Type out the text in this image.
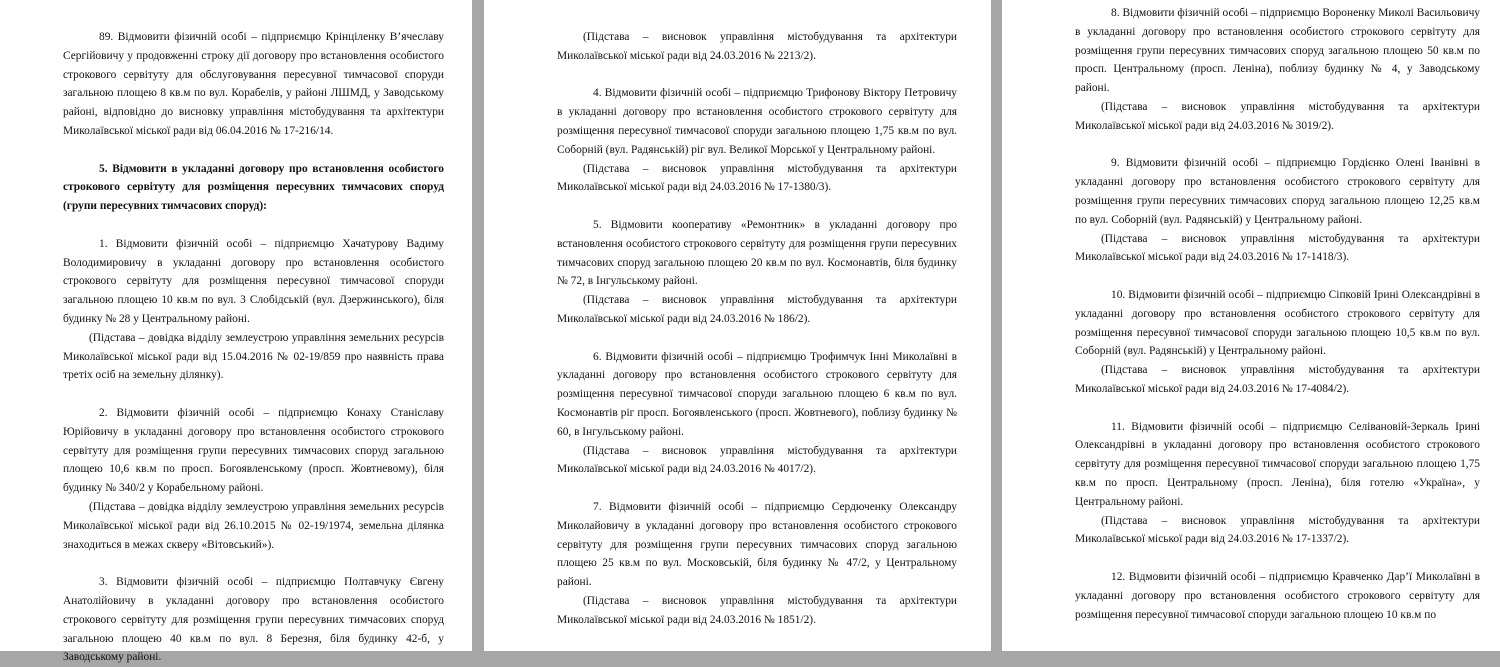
89. Відмовити фізичній особі – підприємцю Крінціленку В’ячеславу Сергійовичу у продовженні строку дії договору про встановлення особистого строкового сервітуту для обслуговування пересувної тимчасової споруди загальною площею 8 кв.м по вул. Корабелів, у районі ЛШМД, у Заводському районі, відповідно до висновку управління містобудування та архітектури Миколаївської міської ради від 06.04.2016 № 17-216/14.

5. Відмовити в укладанні договору про встановлення особистого строкового сервітуту для розміщення пересувних тимчасових споруд (групи пересувних тимчасових споруд):

1. Відмовити фізичній особі – підприємцю Хачатурову Вадиму Володимировичу в укладанні договору про встановлення особистого строкового сервітуту для розміщення пересувної тимчасової споруди загальною площею 10 кв.м по вул. 3 Слобідській (вул. Дзержинського), біля будинку № 28 у Центральному районі.

(Підстава – довідка відділу землеустрою управління земельних ресурсів Миколаївської міської ради від 15.04.2016 № 02-19/859 про наявність права третіх осіб на земельну ділянку).

2. Відмовити фізичній особі – підприємцю Конаху Станіславу Юрійовичу в укладанні договору про встановлення особистого строкового сервітуту для розміщення групи пересувних тимчасових споруд загальною площею 10,6 кв.м по просп. Богоявленському (просп. Жовтневому), біля будинку № 340/2 у Корабельному районі.

(Підстава – довідка відділу землеустрою управління земельних ресурсів Миколаївської міської ради від 26.10.2015 № 02-19/1974, земельна ділянка знаходиться в межах скверу «Вітовський»).

3. Відмовити фізичній особі – підприємцю Полтавчуку Євгену Анатолійовичу в укладанні договору про встановлення особистого строкового сервітуту для розміщення групи пересувних тимчасових споруд загальною площею 40 кв.м по вул. 8 Березня, біля будинку 42-б, у Заводському районі.

(Підстава – висновок управління містобудування та архітектури Миколаївської міської ради від 24.03.2016 № 2213/2).

4. Відмовити фізичній особі – підприємцю Трифонову Віктору Петровичу в укладанні договору про встановлення особистого строкового сервітуту для розміщення пересувної тимчасової споруди загальною площею 1,75 кв.м по вул. Соборній (вул. Радянській) ріг вул. Великої Морської у Центральному районі.

(Підстава – висновок управління містобудування та архітектури Миколаївської міської ради від 24.03.2016 № 17-1380/3).

5. Відмовити кооперативу «Ремонтник» в укладанні договору про встановлення особистого строкового сервітуту для розміщення групи пересувних тимчасових споруд загальною площею 20 кв.м по вул. Космонавтів, біля будинку № 72, в Інгульському районі.

(Підстава – висновок управління містобудування та архітектури Миколаївської міської ради від 24.03.2016 № 186/2).

6. Відмовити фізичній особі – підприємцю Трофимчук Інні Миколаївні в укладанні договору про встановлення особистого строкового сервітуту для розміщення пересувної тимчасової споруди загальною площею 6 кв.м по вул. Космонавтів ріг просп. Богоявленського (просп. Жовтневого), поблизу будинку № 60, в Інгульському районі.

(Підстава – висновок управління містобудування та архітектури Миколаївської міської ради від 24.03.2016 № 4017/2).

7. Відмовити фізичній особі – підприємцю Сердюченку Олександру Миколайовичу в укладанні договору про встановлення особистого строкового сервітуту для розміщення групи пересувних тимчасових споруд загальною площею 25 кв.м по вул. Московській, біля будинку № 47/2, у Центральному районі.

(Підстава – висновок управління містобудування та архітектури Миколаївської міської ради від 24.03.2016 № 1851/2).

8. Відмовити фізичній особі – підприємцю Вороненку Миколі Васильовичу в укладанні договору про встановлення особистого строкового сервітуту для розміщення групи пересувних тимчасових споруд загальною площею 50 кв.м по просп. Центральному (просп. Леніна), поблизу будинку № 4, у Заводському районі.

(Підстава – висновок управління містобудування та архітектури Миколаївської міської ради від 24.03.2016 № 3019/2).

9. Відмовити фізичній особі – підприємцю Гордієнко Олені Іванівні в укладанні договору про встановлення особистого строкового сервітуту для розміщення групи пересувних тимчасових споруд загальною площею 12,25 кв.м по вул. Соборній (вул. Радянській) у Центральному районі.

(Підстава – висновок управління містобудування та архітектури Миколаївської міської ради від 24.03.2016 № 17-1418/3).

10. Відмовити фізичній особі – підприємцю Сіпковій Ірині Олександрівні в укладанні договору про встановлення особистого строкового сервітуту для розміщення пересувної тимчасової споруди загальною площею 10,5 кв.м по вул. Соборній (вул. Радянській) у Центральному районі.

(Підстава – висновок управління містобудування та архітектури Миколаївської міської ради від 24.03.2016 № 17-4084/2).

11. Відмовити фізичній особі – підприємцю Селівановій-Зеркаль Ірині Олександрівні в укладанні договору про встановлення особистого строкового сервітуту для розміщення пересувної тимчасової споруди загальною площею 1,75 кв.м по просп. Центральному (просп. Леніна), біля готелю «Україна», у Центральному районі.

(Підстава – висновок управління містобудування та архітектури Миколаївської міської ради від 24.03.2016 № 17-1337/2).

12. Відмовити фізичній особі – підприємцю Кравченко Дар’ї Миколаївні в укладанні договору про встановлення особистого строкового сервітуту для розміщення пересувної тимчасової споруди загальною площею 10 кв.м по
